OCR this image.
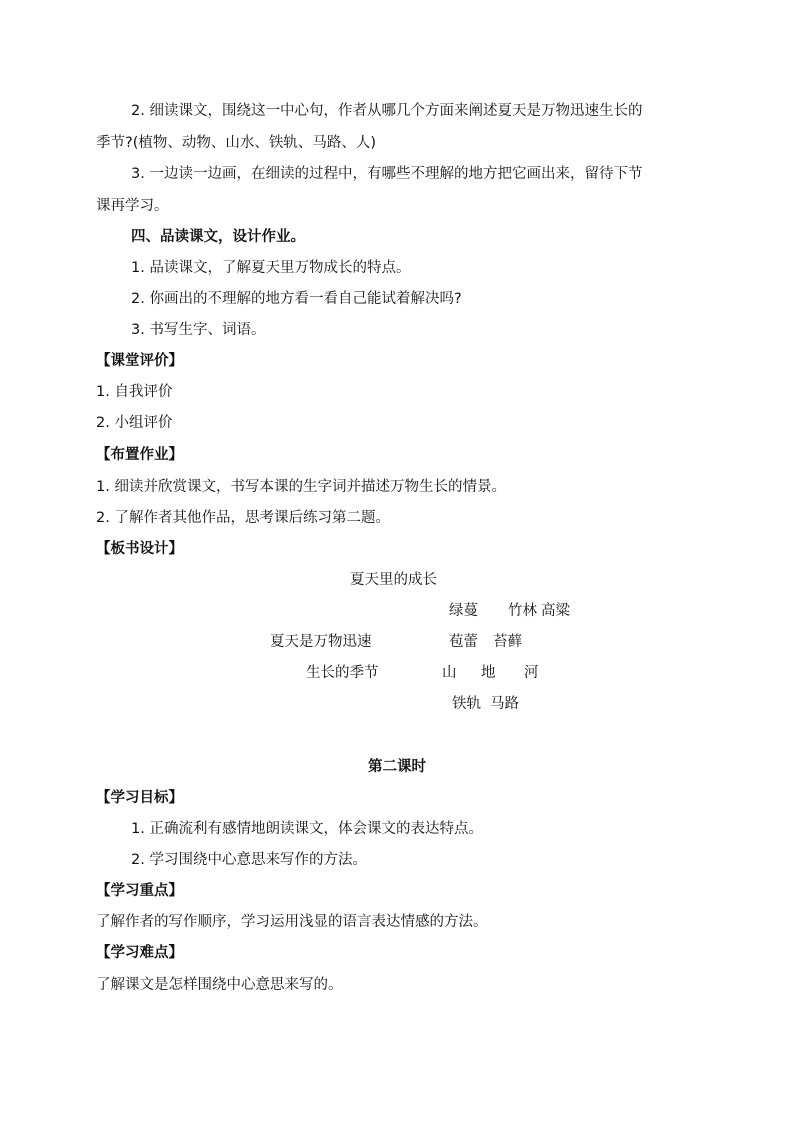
2. 细读课文，围绕这一中心句，作者从哪几个方面来阐述夏天是万物迅速生长的
季节?(植物、动物、山水、铁轨、马路、人)
3. 一边读一边画，在细读的过程中，有哪些不理解的地方把它画出来，留待下节
课再学习。
四、品读课文，设计作业。
1. 品读课文，了解夏天里万物成长的特点。
2. 你画出的不理解的地方看一看自己能试着解决吗?
3. 书写生字、词语。
【课堂评价】
1. 自我评价
2. 小组评价
【布置作业】
1. 细读并欣赏课文，书写本课的生字词并描述万物生长的情景。
2. 了解作者其他作品，思考课后练习第二题。
【板书设计】
夏天里的成长
绿蔓 竹林 高粱
夏天是万物迅速	苞蕾 苔藓
生长的季节	山 地 河
铁轨 马路
第二课时
【学习目标】
1. 正确流利有感情地朗读课文，体会课文的表达特点。
2. 学习围绕中心意思来写作的方法。
【学习重点】
了解作者的写作顺序，学习运用浅显的语言表达情感的方法。
【学习难点】
了解课文是怎样围绕中心意思来写的。
